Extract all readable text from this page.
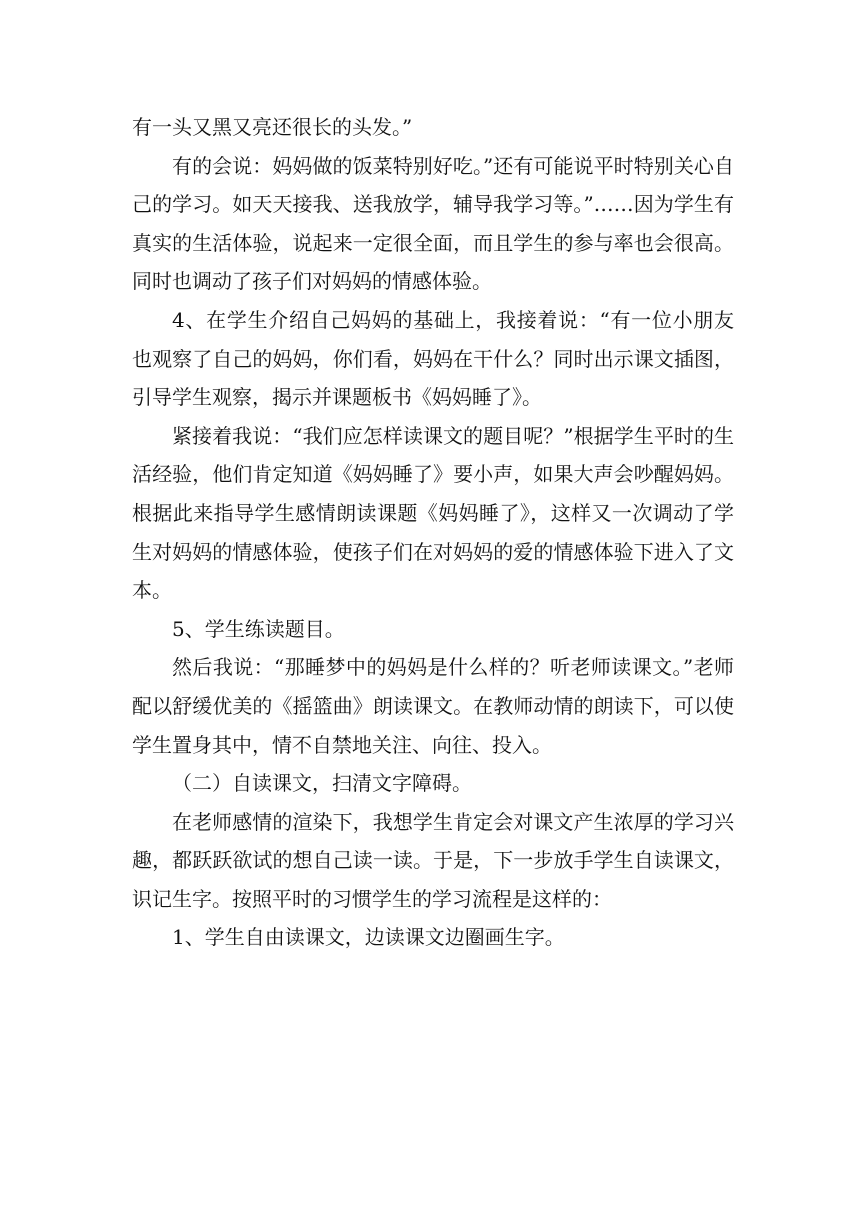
有一头又黑又亮还很长的头发。”

有的会说：妈妈做的饭菜特别好吃。”还有可能说平时特别关心自己的学习。如天天接我、送我放学，辅导我学习等。”……因为学生有真实的生活体验，说起来一定很全面，而且学生的参与率也会很高。同时也调动了孩子们对妈妈的情感体验。

4、在学生介绍自己妈妈的基础上，我接着说：“有一位小朋友也观察了自己的妈妈，你们看，妈妈在干什么？同时出示课文插图，引导学生观察，揭示并课题板书《妈妈睡了》。

紧接着我说：“我们应怎样读课文的题目呢？”根据学生平时的生活经验，他们肯定知道《妈妈睡了》要小声，如果大声会吵醒妈妈。根据此来指导学生感情朗读课题《妈妈睡了》，这样又一次调动了学生对妈妈的情感体验，使孩子们在对妈妈的爱的情感体验下进入了文本。

5、学生练读题目。

然后我说：“那睡梦中的妈妈是什么样的？听老师读课文。”老师配以舒缓优美的《摇篮曲》朗读课文。在教师动情的朗读下，可以使学生置身其中，情不自禁地关注、向往、投入。

（二）自读课文，扫清文字障碍。

在老师感情的渲染下，我想学生肯定会对课文产生浓厚的学习兴趣，都跃跃欲试的想自己读一读。于是，下一步放手学生自读课文，识记生字。按照平时的习惯学生的学习流程是这样的：

1、学生自由读课文，边读课文边圈画生字。
